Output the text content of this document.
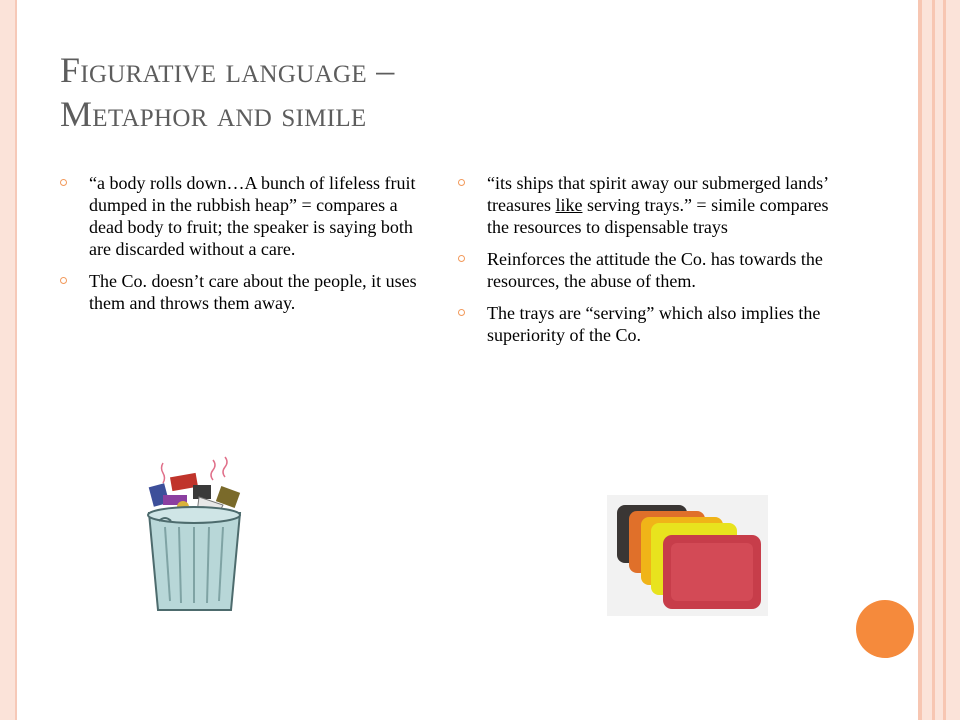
Figurative language –
Metaphor and simile

“a body rolls down…A bunch of lifeless fruit dumped in the rubbish heap” = compares a dead body to fruit; the speaker is saying both are discarded without a care.

The Co. doesn’t care about the people, it uses them and throws them away.

“its ships that spirit away our submerged lands’ treasures like serving trays.” = simile compares the resources to dispensable trays

Reinforces the attitude the Co. has towards the resources, the abuse of them.

The trays are “serving” which also implies the superiority of the Co.
